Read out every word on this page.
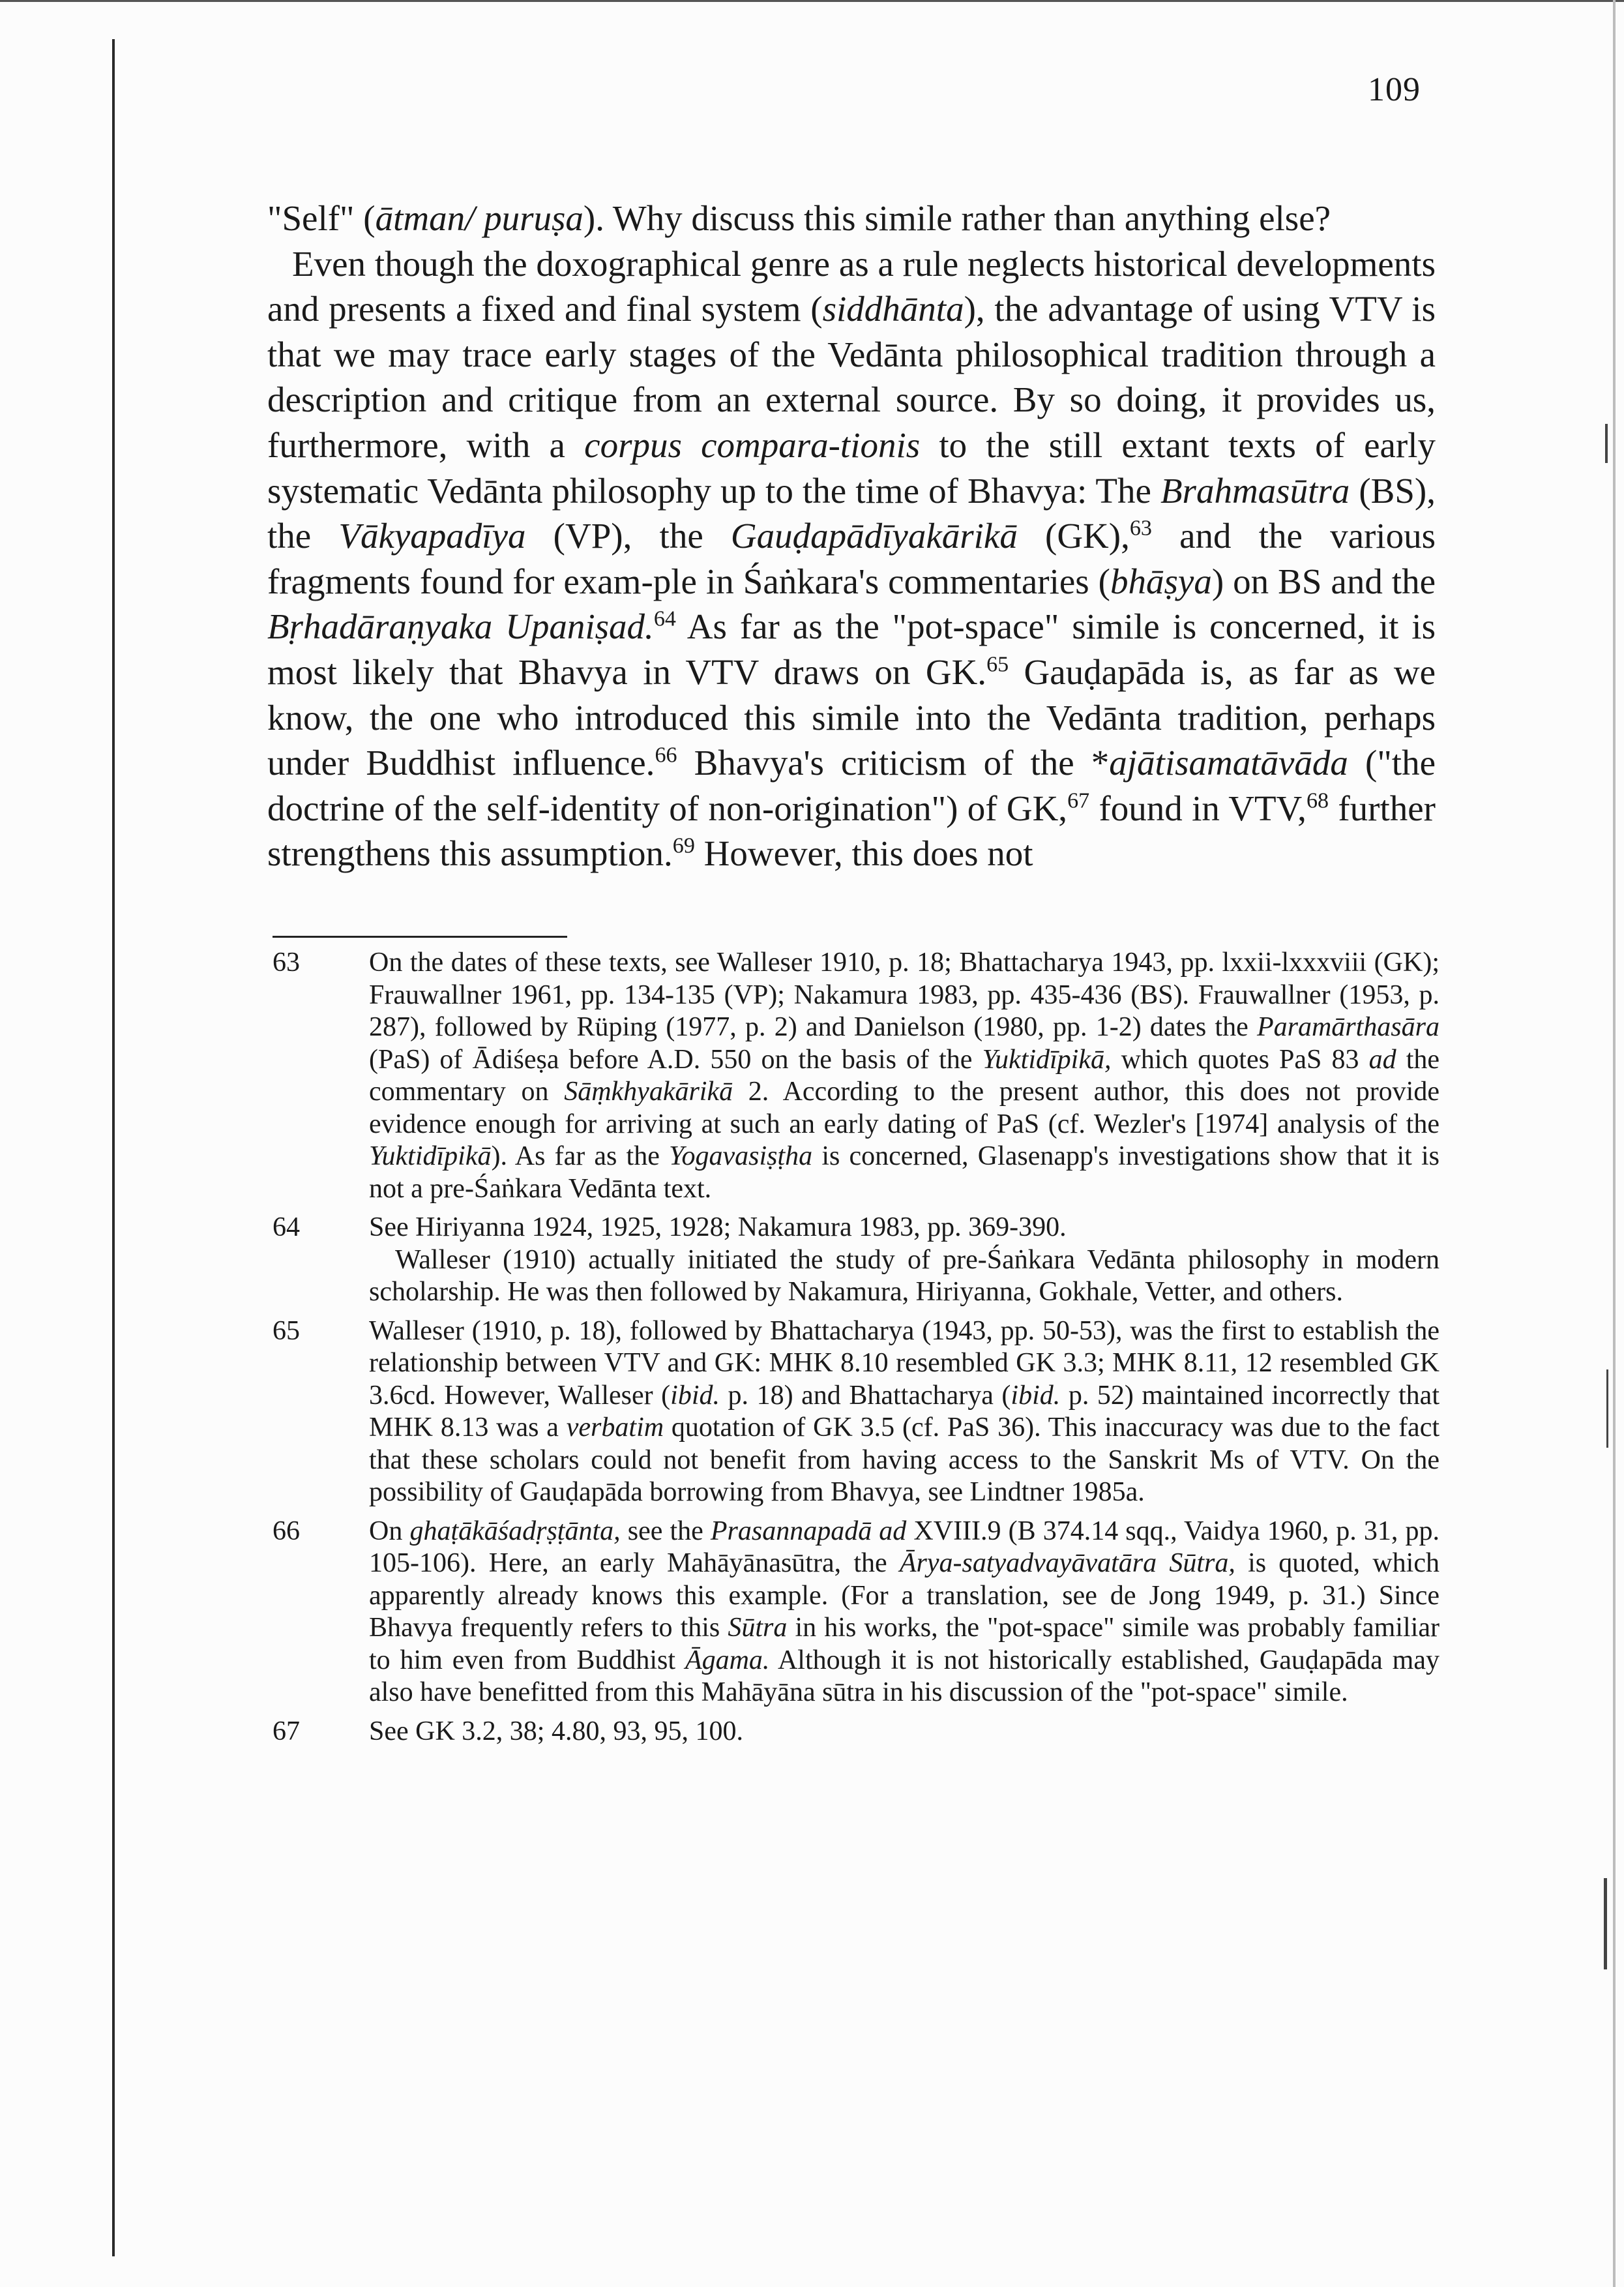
109

"Self" (ātman/ puruṣa). Why discuss this simile rather than anything else?

Even though the doxographical genre as a rule neglects historical developments and presents a fixed and final system (siddhānta), the advantage of using VTV is that we may trace early stages of the Vedānta philosophical tradition through a description and critique from an external source. By so doing, it provides us, furthermore, with a corpus compara-tionis to the still extant texts of early systematic Vedānta philosophy up to the time of Bhavya: The Brahmasūtra (BS), the Vākyapadīya (VP), the Gauḍapādīyakārikā (GK),$^{63}$ and the various fragments found for exam-ple in Śaṅkara's commentaries (bhāṣya) on BS and the Bṛhadāraṇyaka Upaniṣad.$^{64}$ As far as the "pot-space" simile is concerned, it is most likely that Bhavya in VTV draws on GK.$^{65}$ Gauḍapāda is, as far as we know, the one who introduced this simile into the Vedānta tradition, perhaps under Buddhist influence.$^{66}$ Bhavya's criticism of the *ajātisamatāvāda ("the doctrine of the self-identity of non-origination") of GK,$^{67}$ found in VTV,$^{68}$ further strengthens this assumption.$^{69}$ However, this does not

63	On the dates of these texts, see Walleser 1910, p. 18; Bhattacharya 1943, pp. lxxii-lxxxviii (GK); Frauwallner 1961, pp. 134-135 (VP); Nakamura 1983, pp. 435-436 (BS). Frauwallner (1953, p. 287), followed by Rüping (1977, p. 2) and Danielson (1980, pp. 1-2) dates the Paramārthasāra (PaS) of Ādiśeṣa before A.D. 550 on the basis of the Yuktidīpikā, which quotes PaS 83 ad the commentary on Sāṃkhyakārikā 2. According to the present author, this does not provide evidence enough for arriving at such an early dating of PaS (cf. Wezler's [1974] analysis of the Yuktidīpikā). As far as the Yogavasiṣṭha is concerned, Glasenapp's investigations show that it is not a pre-Śaṅkara Vedānta text.
64	See Hiriyanna 1924, 1925, 1928; Nakamura 1983, pp. 369-390.
Walleser (1910) actually initiated the study of pre-Śaṅkara Vedānta philosophy in modern scholarship. He was then followed by Nakamura, Hiriyanna, Gokhale, Vetter, and others.
65	Walleser (1910, p. 18), followed by Bhattacharya (1943, pp. 50-53), was the first to establish the relationship between VTV and GK: MHK 8.10 resembled GK 3.3; MHK 8.11, 12 resembled GK 3.6cd. However, Walleser (ibid. p. 18) and Bhattacharya (ibid. p. 52) maintained incorrectly that MHK 8.13 was a verbatim quotation of GK 3.5 (cf. PaS 36). This inaccuracy was due to the fact that these scholars could not benefit from having access to the Sanskrit Ms of VTV. On the possibility of Gauḍapāda borrowing from Bhavya, see Lindtner 1985a.
66	On ghaṭākāśadṛṣṭānta, see the Prasannapadā ad XVIII.9 (B 374.14 sqq., Vaidya 1960, p. 31, pp. 105-106). Here, an early Mahāyānasūtra, the Ārya-satyadvayāvatāra Sūtra, is quoted, which apparently already knows this example. (For a translation, see de Jong 1949, p. 31.) Since Bhavya frequently refers to this Sūtra in his works, the "pot-space" simile was probably familiar to him even from Buddhist Āgama. Although it is not historically established, Gauḍapāda may also have benefitted from this Mahāyāna sūtra in his discussion of the "pot-space" simile.
67	See GK 3.2, 38; 4.80, 93, 95, 100.
